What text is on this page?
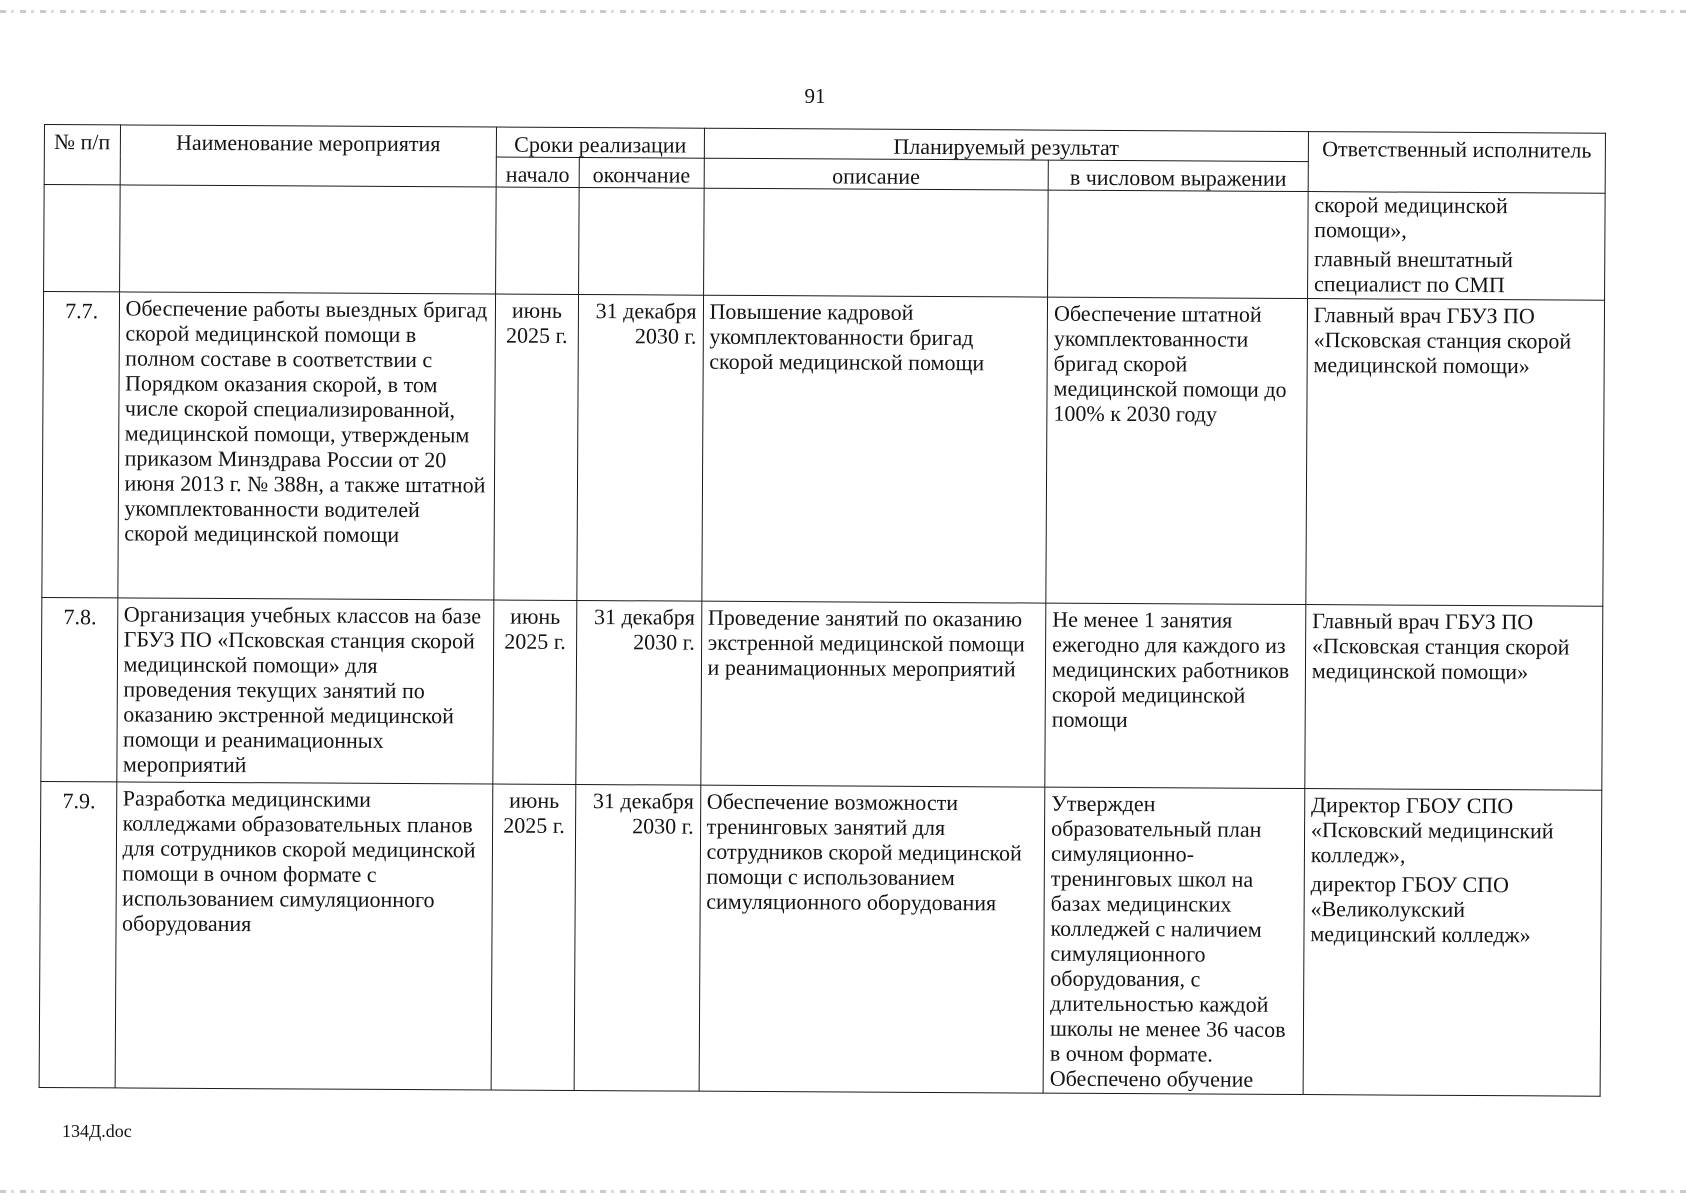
91
№ п/п	Наименование мероприятия	Сроки реализации		Планируемый результат		Ответственный исполнитель
		начало	окончание	описание	в числовом выражении	

						скорой медицинской
помощи»,
главный внештатный
специалист по СМП

7.7.	Обеспечение работы выездных бригад скорой медицинской помощи в полном составе в соответствии с Порядком оказания скорой, в том числе скорой специализированной, медицинской помощи, утвержденым приказом Минздрава России от 20 июня 2013 г. № 388н, а также штатной укомплектованности водителей скорой медицинской помощи	июнь 2025 г.	31 декабря 2030 г.	Повышение кадровой укомплектованности бригад скорой медицинской помощи	Обеспечение штатной укомплектованности бригад скорой медицинской помощи до 100% к 2030 году	Главный врач ГБУЗ ПО «Псковская станция скорой медицинской помощи»

7.8.	Организация учебных классов на базе ГБУЗ ПО «Псковская станция скорой медицинской помощи» для проведения текущих занятий по оказанию экстренной медицинской помощи и реанимационных мероприятий	июнь 2025 г.	31 декабря 2030 г.	Проведение занятий по оказанию экстренной медицинской помощи и реанимационных мероприятий	Не менее 1 занятия ежегодно для каждого из медицинских работников скорой медицинской помощи	Главный врач ГБУЗ ПО «Псковская станция скорой медицинской помощи»

7.9.	Разработка медицинскими колледжами образовательных планов для сотрудников скорой медицинской помощи в очном формате с использованием симуляционного оборудования	июнь 2025 г.	31 декабря 2030 г.	Обеспечение возможности тренинговых занятий для сотрудников скорой медицинской помощи с использованием симуляционного оборудования	Утвержден образовательный план симуляционно-тренинговых школ на базах медицинских колледжей с наличием симуляционного оборудования, с длительностью каждой школы не менее 36 часов в очном формате. Обеспечено обучение	Директор ГБОУ СПО «Псковский медицинский колледж»,
директор ГБОУ СПО «Великолукский медицинский колледж»
134Д.doc
